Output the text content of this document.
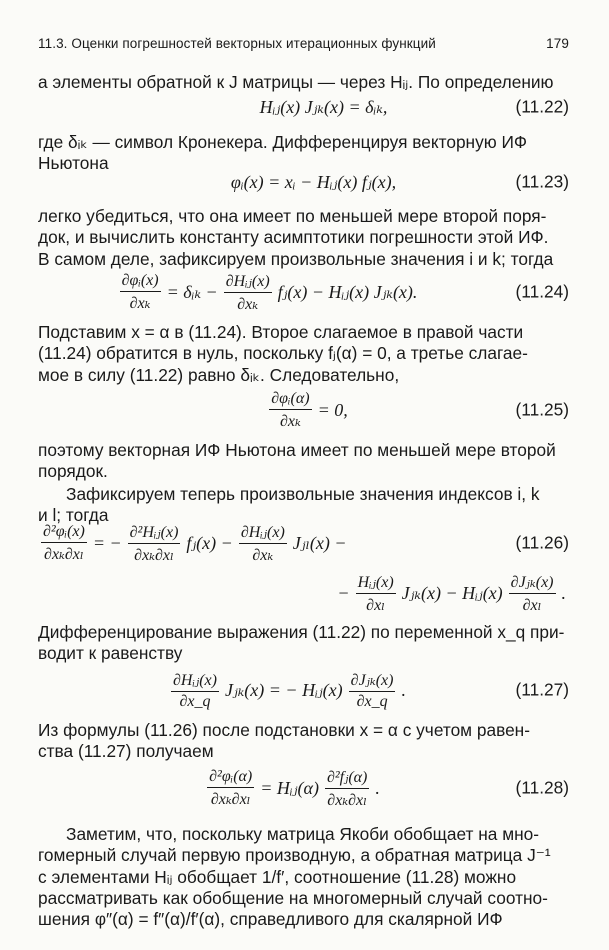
11.3. Оценки погрешностей векторных итерационных функций	179
а элементы обратной к J матрицы — через Hᵢⱼ. По определению
Hᵢⱼ(x) Jⱼₖ(x) = δᵢₖ,	(11.22)
где δᵢₖ — символ Кронекера. Дифференцируя векторную ИФ
Ньютона
φᵢ(x) = xᵢ − Hᵢⱼ(x) fⱼ(x),	(11.23)
легко убедиться, что она имеет по меньшей мере второй поря-
док, и вычислить константу асимптотики погрешности этой ИФ.
В самом деле, зафиксируем произвольные значения i и k; тогда
$\frac{\text{∂φᵢ(x)}}{\text{∂xₖ}}$ = δᵢₖ − $\frac{\text{∂Hᵢⱼ(x)}}{\text{∂xₖ}}$ fⱼ(x) − Hᵢⱼ(x) Jⱼₖ(x).	(11.24)
Подставим x = α в (11.24). Второе слагаемое в правой части
(11.24) обратится в нуль, поскольку fⱼ(α) = 0, а третье слагае-
мое в силу (11.22) равно δᵢₖ. Следовательно,
$\frac{\text{∂φᵢ(α)}}{\text{∂xₖ}} = 0$,	(11.25)
поэтому векторная ИФ Ньютона имеет по меньшей мере второй
порядок.
Зафиксируем теперь произвольные значения индексов i, k
и l; тогда
$\frac{\text{∂²φᵢ(x)}}{\text{∂xₖ∂xₗ}}$ = − $\frac{\text{∂²Hᵢⱼ(x)}}{\text{∂xₖ∂xₗ}}$ fⱼ(x) − $\frac{\text{∂Hᵢⱼ(x)}}{\text{∂xₖ}}$ Jⱼₗ(x) −	(11.26)
− $\frac{\text{Hᵢⱼ(x)}}{\text{∂xₗ}}$ Jⱼₖ(x) − Hᵢⱼ(x) $\frac{\text{∂Jⱼₖ(x)}}{\text{∂xₗ}}$ .
Дифференцирование выражения (11.22) по переменной x_q при-
водит к равенству
$\frac{\text{∂Hᵢⱼ(x)}}{\partial x\_q}$ Jⱼₖ(x) = − Hᵢⱼ(x) $\frac{\text{∂Jⱼₖ(x)}}{\partial x\_q}$ .	(11.27)
Из формулы (11.26) после подстановки x = α с учетом равен-
ства (11.27) получаем
$\frac{\text{∂²φᵢ(α)}}{\text{∂xₖ∂xₗ}}$ = Hᵢⱼ(α) $\frac{\text{∂²fⱼ(α)}}{\text{∂xₖ∂xₗ}}$ .	(11.28)
Заметим, что, поскольку матрица Якоби обобщает на мно-
гомерный случай первую производную, а обратная матрица J⁻¹
с элементами Hᵢⱼ обобщает 1/f′, соотношение (11.28) можно
рассматривать как обобщение на многомерный случай соотно-
шения φ″(α) = f″(α)/f′(α), справедливого для скалярной ИФ
